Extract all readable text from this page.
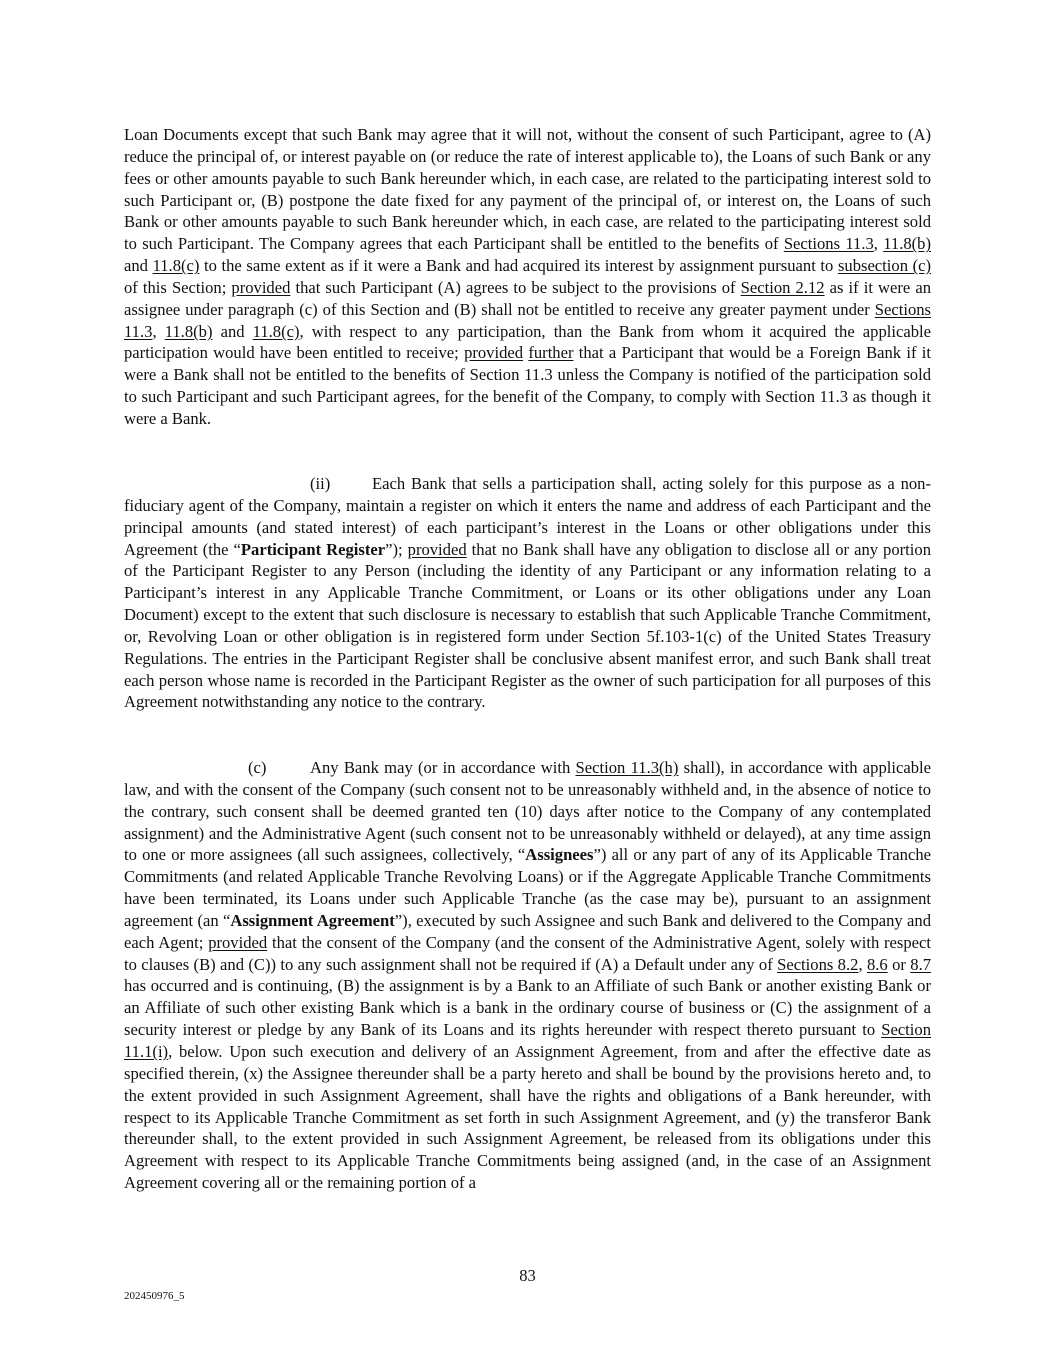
Loan Documents except that such Bank may agree that it will not, without the consent of such Participant, agree to (A) reduce the principal of, or interest payable on (or reduce the rate of interest applicable to), the Loans of such Bank or any fees or other amounts payable to such Bank hereunder which, in each case, are related to the participating interest sold to such Participant or, (B) postpone the date fixed for any payment of the principal of, or interest on, the Loans of such Bank or other amounts payable to such Bank hereunder which, in each case, are related to the participating interest sold to such Participant. The Company agrees that each Participant shall be entitled to the benefits of Sections 11.3, 11.8(b) and 11.8(c) to the same extent as if it were a Bank and had acquired its interest by assignment pursuant to subsection (c) of this Section; provided that such Participant (A) agrees to be subject to the provisions of Section 2.12 as if it were an assignee under paragraph (c) of this Section and (B) shall not be entitled to receive any greater payment under Sections 11.3, 11.8(b) and 11.8(c), with respect to any participation, than the Bank from whom it acquired the applicable participation would have been entitled to receive; provided further that a Participant that would be a Foreign Bank if it were a Bank shall not be entitled to the benefits of Section 11.3 unless the Company is notified of the participation sold to such Participant and such Participant agrees, for the benefit of the Company, to comply with Section 11.3 as though it were a Bank.

(ii)	Each Bank that sells a participation shall, acting solely for this purpose as a non-fiduciary agent of the Company, maintain a register on which it enters the name and address of each Participant and the principal amounts (and stated interest) of each participant’s interest in the Loans or other obligations under this Agreement (the “Participant Register”); provided that no Bank shall have any obligation to disclose all or any portion of the Participant Register to any Person (including the identity of any Participant or any information relating to a Participant’s interest in any Applicable Tranche Commitment, or Loans or its other obligations under any Loan Document) except to the extent that such disclosure is necessary to establish that such Applicable Tranche Commitment, or, Revolving Loan or other obligation is in registered form under Section 5f.103-1(c) of the United States Treasury Regulations. The entries in the Participant Register shall be conclusive absent manifest error, and such Bank shall treat each person whose name is recorded in the Participant Register as the owner of such participation for all purposes of this Agreement notwithstanding any notice to the contrary.

(c)	Any Bank may (or in accordance with Section 11.3(h) shall), in accordance with applicable law, and with the consent of the Company (such consent not to be unreasonably withheld and, in the absence of notice to the contrary, such consent shall be deemed granted ten (10) days after notice to the Company of any contemplated assignment) and the Administrative Agent (such consent not to be unreasonably withheld or delayed), at any time assign to one or more assignees (all such assignees, collectively, “Assignees”) all or any part of any of its Applicable Tranche Commitments (and related Applicable Tranche Revolving Loans) or if the Aggregate Applicable Tranche Commitments have been terminated, its Loans under such Applicable Tranche (as the case may be), pursuant to an assignment agreement (an “Assignment Agreement”), executed by such Assignee and such Bank and delivered to the Company and each Agent; provided that the consent of the Company (and the consent of the Administrative Agent, solely with respect to clauses (B) and (C)) to any such assignment shall not be required if (A) a Default under any of Sections 8.2, 8.6 or 8.7 has occurred and is continuing, (B) the assignment is by a Bank to an Affiliate of such Bank or another existing Bank or an Affiliate of such other existing Bank which is a bank in the ordinary course of business or (C) the assignment of a security interest or pledge by any Bank of its Loans and its rights hereunder with respect thereto pursuant to Section 11.1(i), below. Upon such execution and delivery of an Assignment Agreement, from and after the effective date as specified therein, (x) the Assignee thereunder shall be a party hereto and shall be bound by the provisions hereto and, to the extent provided in such Assignment Agreement, shall have the rights and obligations of a Bank hereunder, with respect to its Applicable Tranche Commitment as set forth in such Assignment Agreement, and (y) the transferor Bank thereunder shall, to the extent provided in such Assignment Agreement, be released from its obligations under this Agreement with respect to its Applicable Tranche Commitments being assigned (and, in the case of an Assignment Agreement covering all or the remaining portion of a

83
202450976_5
